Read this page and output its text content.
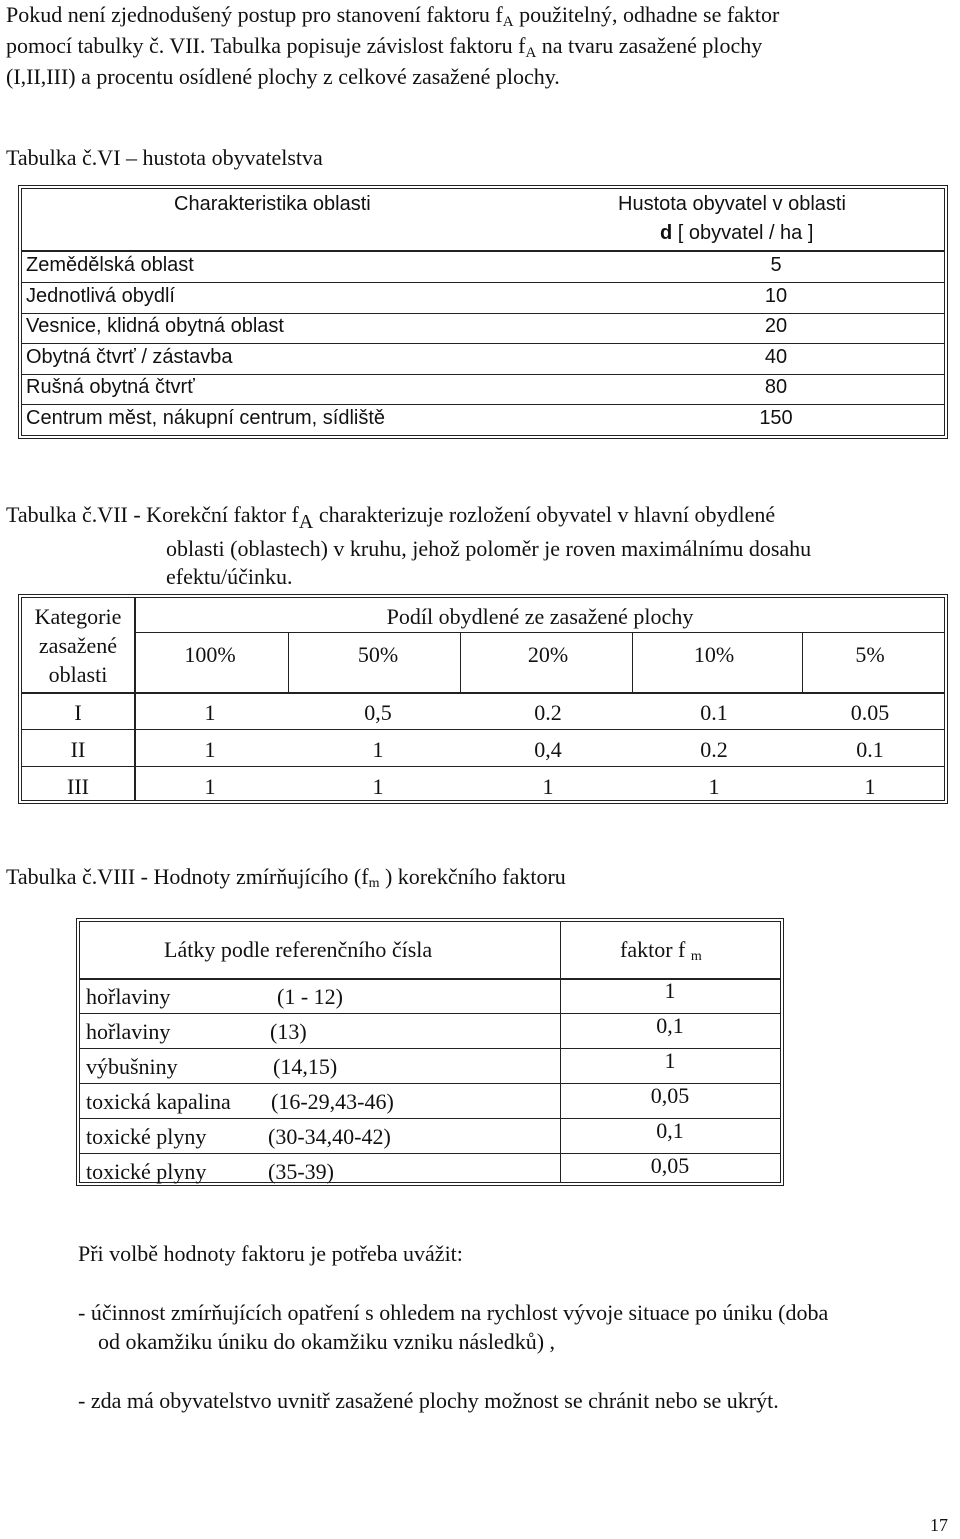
Pokud není zjednodušený postup pro stanovení faktoru $f_A$ použitelný, odhadne se faktor
pomocí tabulky č. VII. Tabulka popisuje závislost faktoru $f_A$ na tvaru zasažené plochy
(I,II,III) a procentu osídlené plochy z celkové zasažené plochy.
Tabulka č.VI – hustota obyvatelstva
Charakteristika oblasti	Hustota obyvatel v oblasti
d [ obyvatel / ha ]
Zemědělská oblast	5
Jednotlivá obydlí	10
Vesnice, klidná obytná oblast	20
Obytná čtvrť / zástavba	40
Rušná obytná čtvrť	80
Centrum měst, nákupní centrum, sídliště	150
Tabulka č.VII - Korekční faktor $f_A$ charakterizuje rozložení obyvatel v hlavní obydlené
oblasti (oblastech) v kruhu, jehož poloměr je roven maximálnímu dosahu
efektu/účinku.
Kategorie
zasažené
oblasti
Podíl obydlené ze zasažené plochy
100%	50%	20%	10%	5%
I	1	0,5	0.2	0.1	0.05
II	1	1	0,4	0.2	0.1
III	1	1	1	1	1
Tabulka č.VIII - Hodnoty zmírňujícího ($f_m$ ) korekčního faktoru
Látky podle referenčního čísla	faktor f $_m$
hořlaviny	(1 - 12)	1
hořlaviny	(13)	0,1
výbušniny	(14,15)	1
toxická kapalina (16-29,43-46)	0,05
toxické plyny	(30-34,40-42)	0,1
toxické plyny	(35-39)	0,05
Při volbě hodnoty faktoru je potřeba uvážit:
- účinnost zmírňujících opatření s ohledem na rychlost vývoje situace po úniku (doba
od okamžiku úniku do okamžiku vzniku následků) ,
- zda má obyvatelstvo uvnitř zasažené plochy možnost se chránit nebo se ukrýt.
17
